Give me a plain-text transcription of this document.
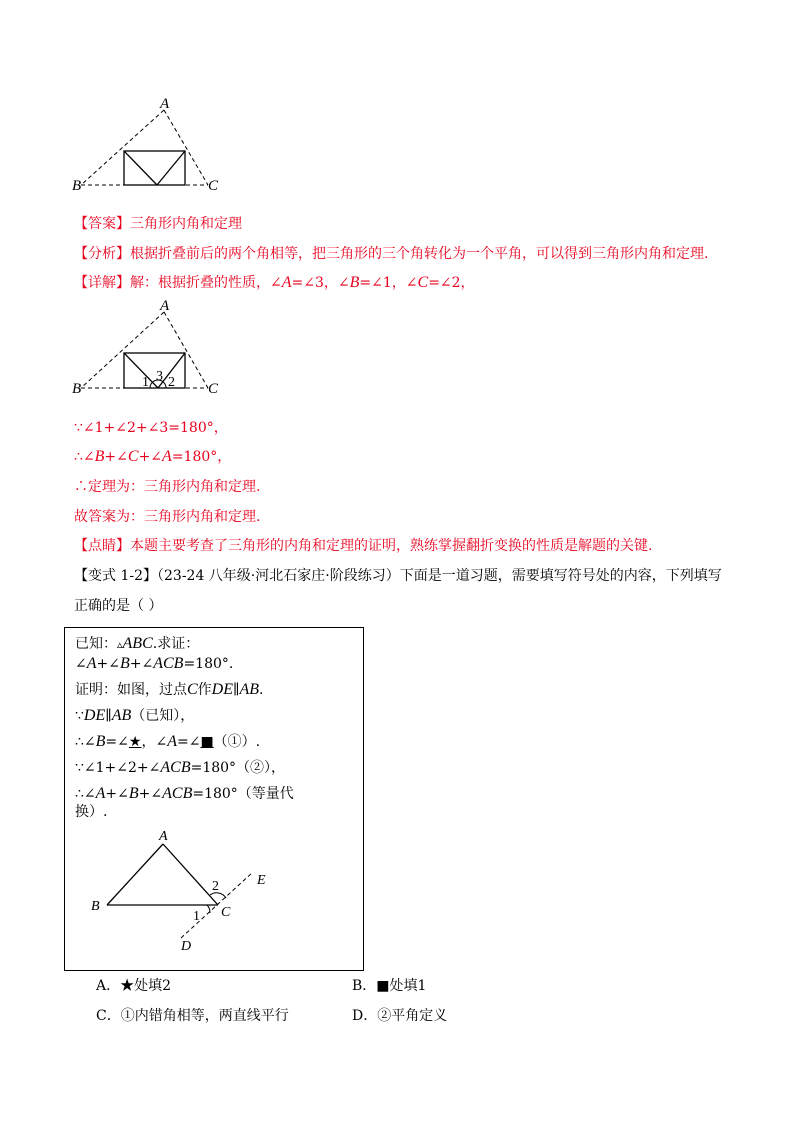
A
B	C
【答案】三角形内角和定理
【分析】根据折叠前后的两个角相等，把三角形的三个角转化为一个平角，可以得到三角形内角和定理.
【详解】解：根据折叠的性质，∠A=∠3，∠B=∠1，∠C=∠2，
A
B	C
1 2
3
∵∠1+∠2+∠3=180°，
∴∠B+∠C+∠A=180°，
∴定理为：三角形内角和定理.
故答案为：三角形内角和定理.
【点睛】本题主要考查了三角形的内角和定理的证明，熟练掌握翻折变换的性质是解题的关键.
【变式 1-2】（23-24 八年级·河北石家庄·阶段练习）下面是一道习题，需要填写符号处的内容，下列填写
正确的是（ ）
已知：▵ABC.求证：
∠A+∠B+∠ACB=180°.
证明：如图，过点C作DE∥AB.
∵DE∥AB（已知），
∴∠B=∠★，∠A=∠■（①）.
∵∠1+∠2+∠ACB=180°（②），
∴∠A+∠B+∠ACB=180°（等量代
换）.
A
B	C
D
E
1
2
A．★处填2	B．■处填1
C．①内错角相等，两直线平行	D．②平角定义
